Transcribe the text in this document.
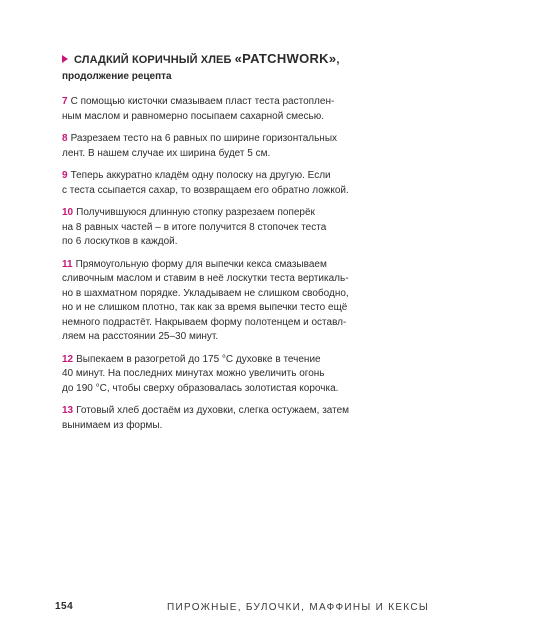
СЛАДКИЙ КОРИЧНЫЙ ХЛЕБ «PATCHWORK»,
продолжение рецепта
7 С помощью кисточки смазываем пласт теста растоплен-
ным маслом и равномерно посыпаем сахарной смесью.
8 Разрезаем тесто на 6 равных по ширине горизонтальных
лент. В нашем случае их ширина будет 5 см.
9 Теперь аккуратно кладём одну полоску на другую. Если
с теста ссыпается сахар, то возвращаем его обратно ложкой.
10 Получившуюся длинную стопку разрезаем поперёк
на 8 равных частей – в итоге получится 8 стопочек теста
по 6 лоскутков в каждой.
11 Прямоугольную форму для выпечки кекса смазываем
сливочным маслом и ставим в неё лоскутки теста вертикаль-
но в шахматном порядке. Укладываем не слишком свободно,
но и не слишком плотно, так как за время выпечки тесто ещё
немного подрастёт. Накрываем форму полотенцем и оставл-
ляем на расстоянии 25–30 минут.
12 Выпекаем в разогретой до 175 °С духовке в течение
40 минут. На последних минутах можно увеличить огонь
до 190 °С, чтобы сверху образовалась золотистая корочка.
13 Готовый хлеб достаём из духовки, слегка остужаем, затем
вынимаем из формы.
154	ПИРОЖНЫЕ, БУЛОЧКИ, МАФФИНЫ И КЕКСЫ
